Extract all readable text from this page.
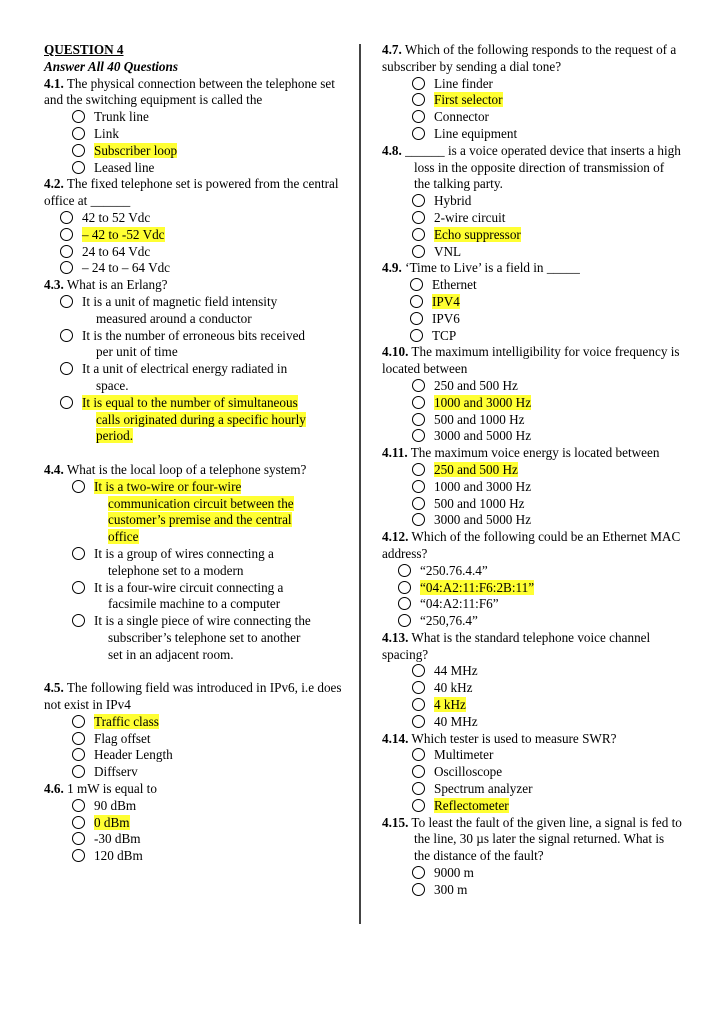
QUESTION 4
Answer All 40 Questions
4.1. The physical connection between the telephone set and the switching equipment is called the
Trunk line
Link
Subscriber loop
Leased line
4.2. The fixed telephone set is powered from the central office at ______
42 to 52 Vdc
– 42 to -52 Vdc
24 to 64 Vdc
– 24 to – 64 Vdc
4.3. What is an Erlang?
It is a unit of magnetic field intensity
measured around a conductor
It is the number of erroneous bits received
per unit of time
It a unit of electrical energy radiated in
space.
It is equal to the number of simultaneous
calls originated during a specific hourly
period.
4.4. What is the local loop of a telephone system?
It is a two-wire or four-wire
communication circuit between the
customer’s premise and the central
office
It is a group of wires connecting a
telephone set to a modern
It is a four-wire circuit connecting a
facsimile machine to a computer
It is a single piece of wire connecting the
subscriber’s telephone set to another
set in an adjacent room.
4.5. The following field was introduced in IPv6, i.e does not exist in IPv4
Traffic class
Flag offset
Header Length
Diffserv
4.6. 1 mW is equal to
90 dBm
0 dBm
-30 dBm
120 dBm
4.7. Which of the following responds to the request of a subscriber by sending a dial tone?
Line finder
First selector
Connector
Line equipment
4.8. ______ is a voice operated device that inserts a high loss in the opposite direction of transmission of the talking party.
Hybrid
2-wire circuit
Echo suppressor
VNL
4.9. ‘Time to Live’ is a field in _____
Ethernet
IPV4
IPV6
TCP
4.10. The maximum intelligibility for voice frequency is located between
250 and 500 Hz
1000 and 3000 Hz
500 and 1000 Hz
3000 and 5000 Hz
4.11. The maximum voice energy is located between
250 and 500 Hz
1000 and 3000 Hz
500 and 1000 Hz
3000 and 5000 Hz
4.12. Which of the following could be an Ethernet MAC address?
“250.76.4.4”
“04:A2:11:F6:2B:11”
“04:A2:11:F6”
“250,76.4”
4.13. What is the standard telephone voice channel spacing?
44 MHz
40 kHz
4 kHz
40 MHz
4.14. Which tester is used to measure SWR?
Multimeter
Oscilloscope
Spectrum analyzer
Reflectometer
4.15. To least the fault of the given line, a signal is fed to the line, 30 µs later the signal returned. What is the distance of the fault?
9000 m
300 m
